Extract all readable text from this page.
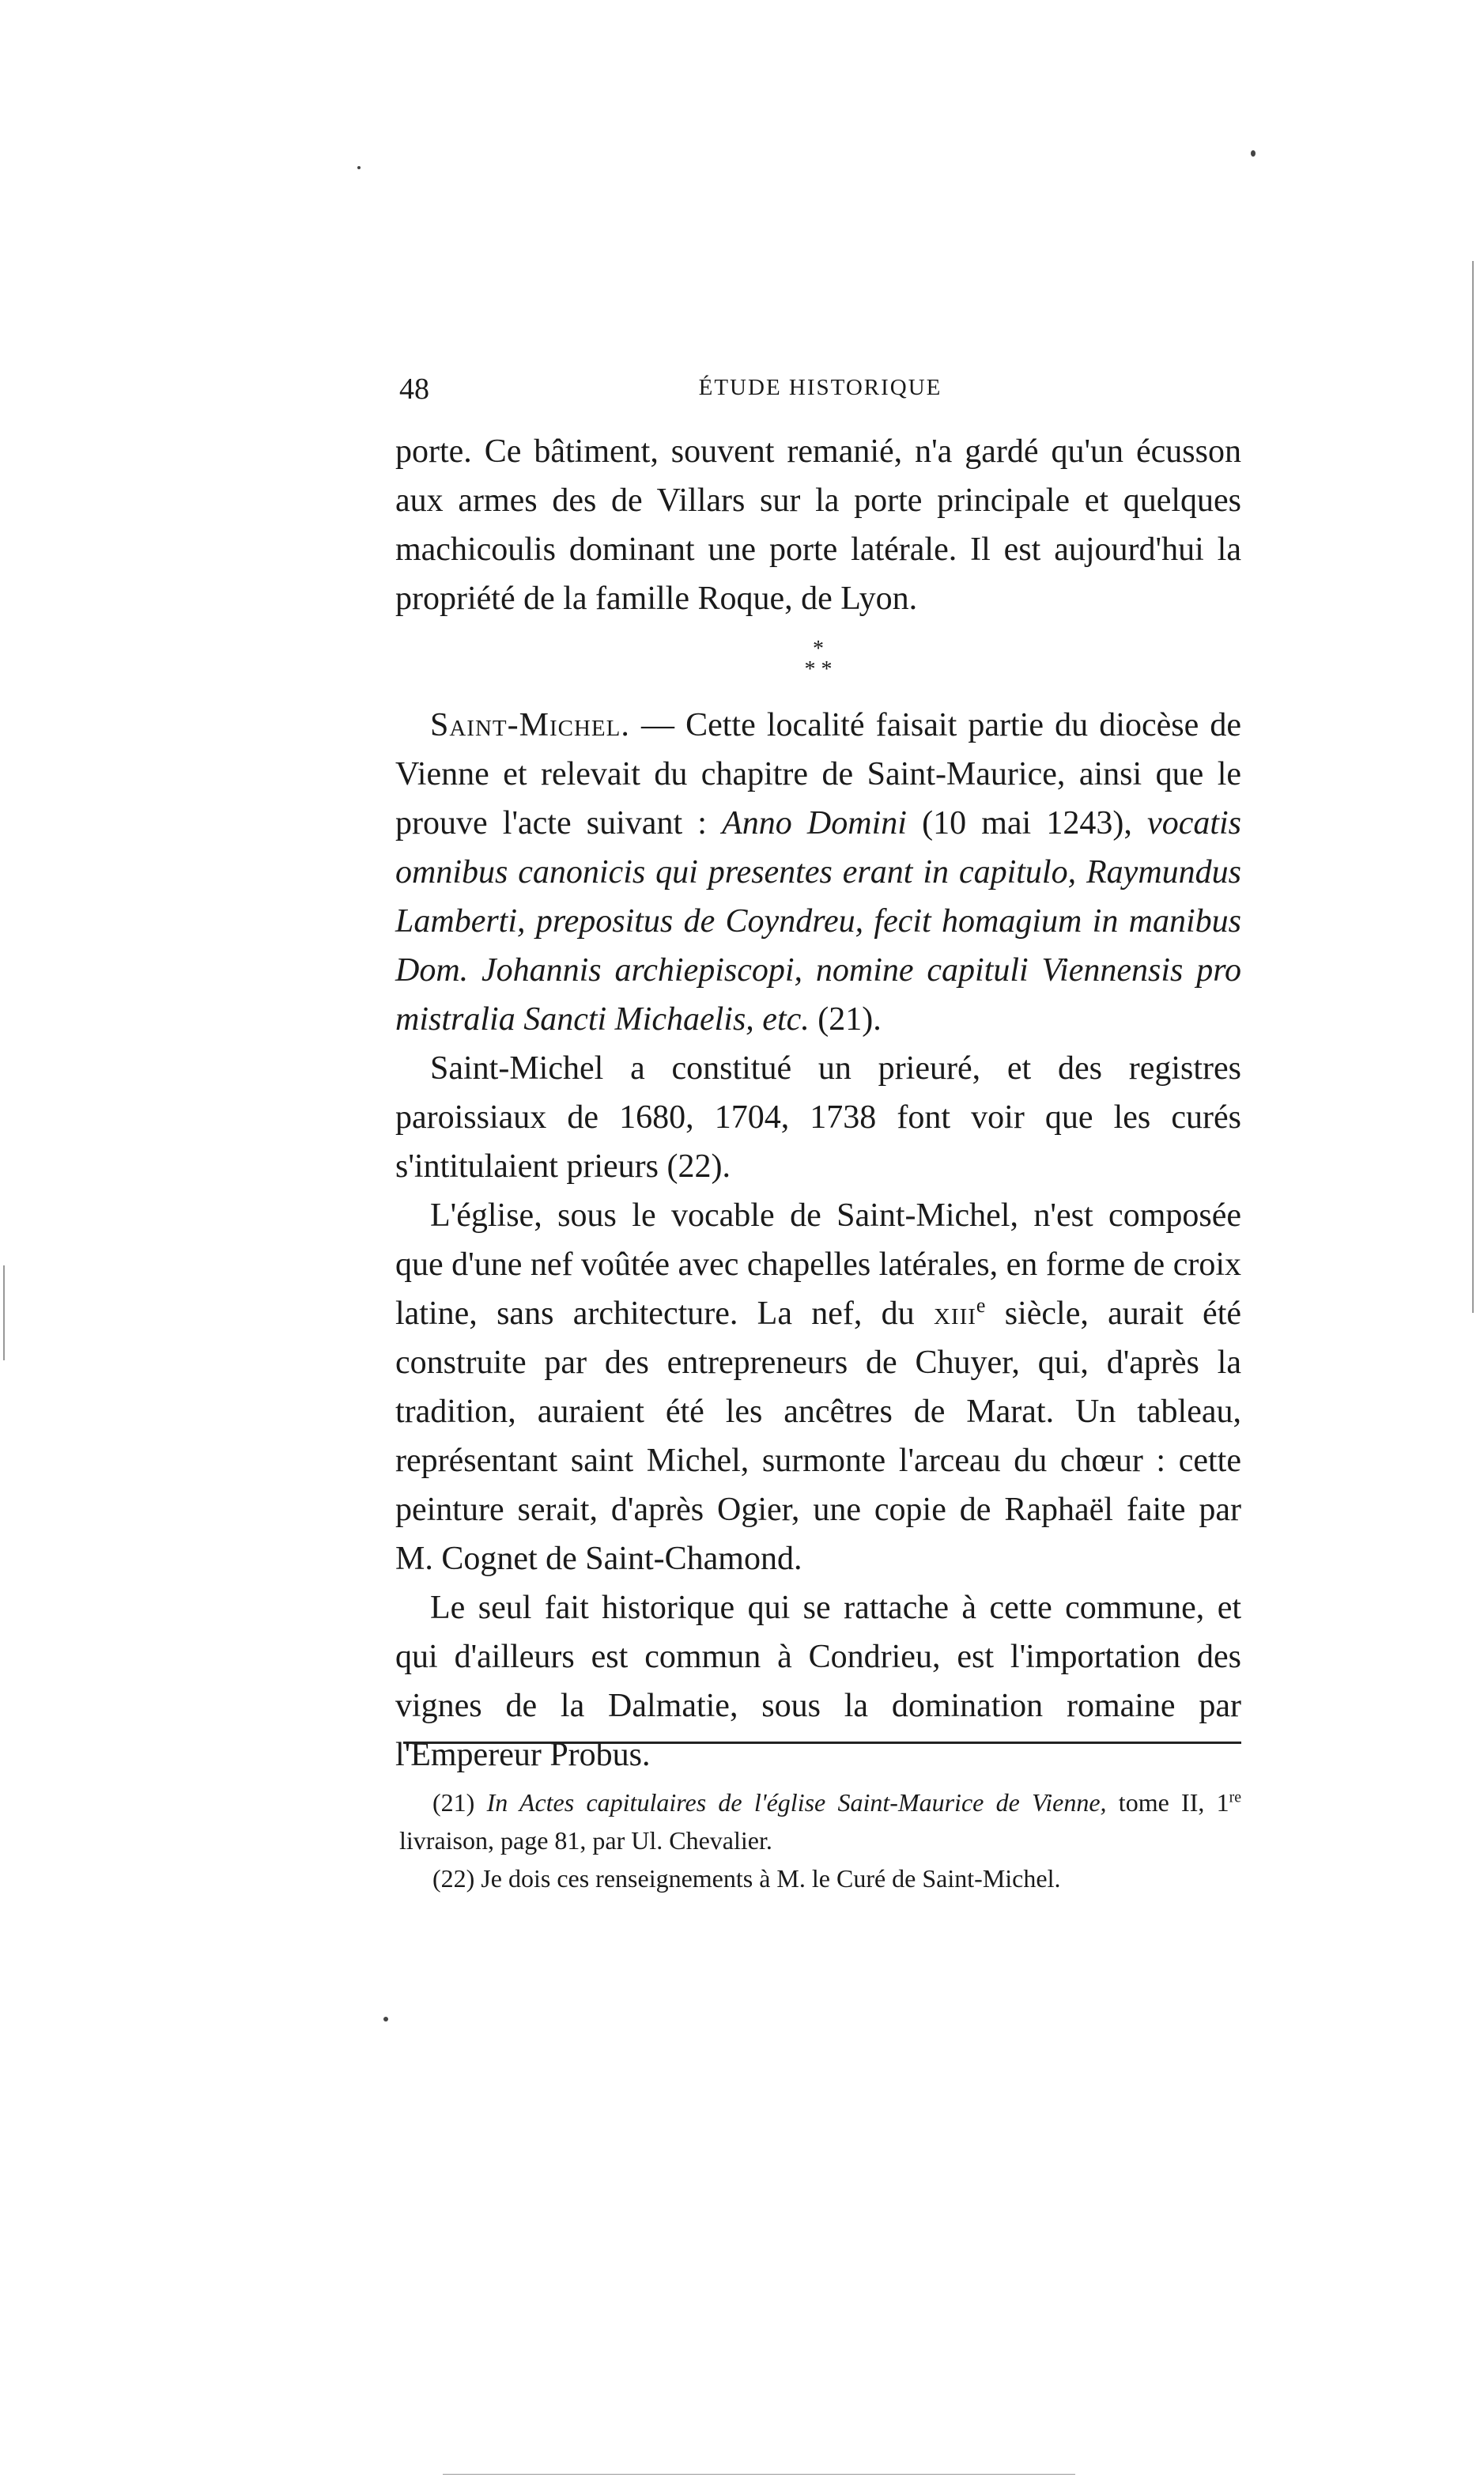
48	ÉTUDE HISTORIQUE

porte. Ce bâtiment, souvent remanié, n'a gardé qu'un écusson aux armes des de Villars sur la porte principale et quelques machicoulis dominant une porte latérale. Il est aujourd'hui la propriété de la famille Roque, de Lyon.

*
* *

Saint-Michel. — Cette localité faisait partie du diocèse de Vienne et relevait du chapitre de Saint-Maurice, ainsi que le prouve l'acte suivant : Anno Domini (10 mai 1243), vocatis omnibus canonicis qui presentes erant in capitulo, Raymundus Lamberti, prepositus de Coyndreu, fecit homagium in manibus Dom. Johannis archiepiscopi, nomine capituli Viennensis pro mistralia Sancti Michaelis, etc. (21).

Saint-Michel a constitué un prieuré, et des registres paroissiaux de 1680, 1704, 1738 font voir que les curés s'intitulaient prieurs (22).

L'église, sous le vocable de Saint-Michel, n'est composée que d'une nef voûtée avec chapelles latérales, en forme de croix latine, sans architecture. La nef, du xiii$^e$ siècle, aurait été construite par des entrepreneurs de Chuyer, qui, d'après la tradition, auraient été les ancêtres de Marat. Un tableau, représentant saint Michel, surmonte l'arceau du chœur : cette peinture serait, d'après Ogier, une copie de Raphaël faite par M. Cognet de Saint-Chamond.

Le seul fait historique qui se rattache à cette commune, et qui d'ailleurs est commun à Condrieu, est l'importation des vignes de la Dalmatie, sous la domination romaine par l'Empereur Probus.

(21) In Actes capitulaires de l'église Saint-Maurice de Vienne, tome II, 1re livraison, page 81, par Ul. Chevalier.

(22) Je dois ces renseignements à M. le Curé de Saint-Michel.
